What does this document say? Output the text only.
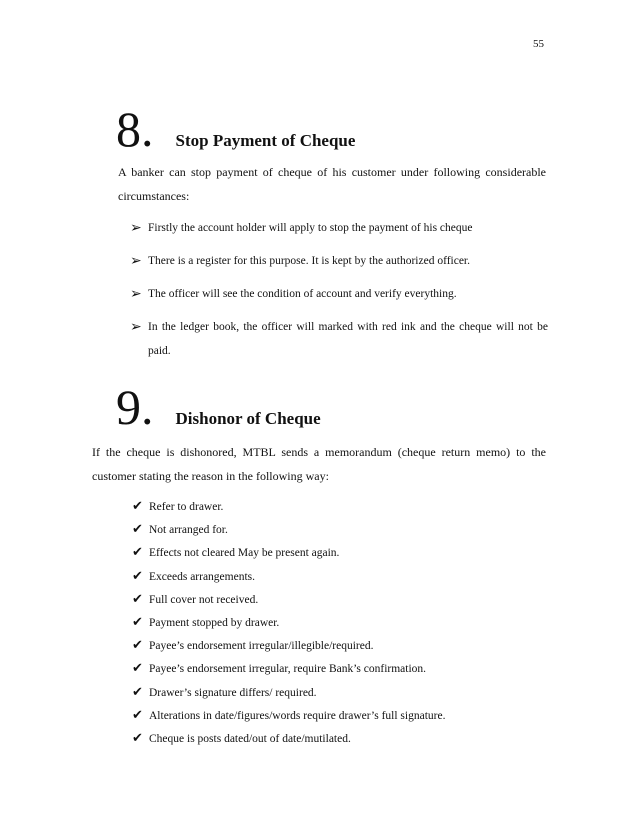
55
8. Stop Payment of Cheque

A banker can stop payment of cheque of his customer under following considerable circumstances:

➢ Firstly the account holder will apply to stop the payment of his cheque
➢ There is a register for this purpose. It is kept by the authorized officer.
➢ The officer will see the condition of account and verify everything.
➢ In the ledger book, the officer will marked with red ink and the cheque will not be paid.
9. Dishonor of Cheque

If the cheque is dishonored, MTBL sends a memorandum (cheque return memo) to the customer stating the reason in the following way:

✔ Refer to drawer.
✔ Not arranged for.
✔ Effects not cleared May be present again.
✔ Exceeds arrangements.
✔ Full cover not received.
✔ Payment stopped by drawer.
✔ Payee’s endorsement irregular/illegible/required.
✔ Payee’s endorsement irregular, require Bank’s confirmation.
✔ Drawer’s signature differs/ required.
✔ Alterations in date/figures/words require drawer’s full signature.
✔ Cheque is posts dated/out of date/mutilated.
